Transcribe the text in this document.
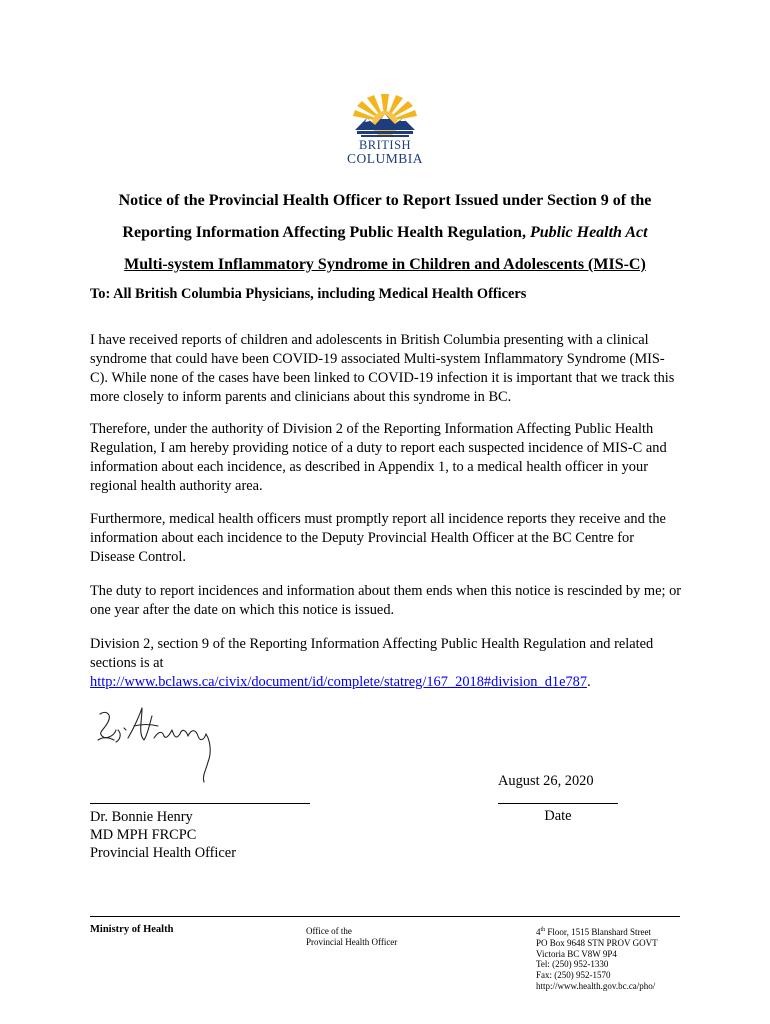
BRITISH
COLUMBIA
Notice of the Provincial Health Officer to Report Issued under Section 9 of the
Reporting Information Affecting Public Health Regulation, Public Health Act
Multi-system Inflammatory Syndrome in Children and Adolescents (MIS-C)
To: All British Columbia Physicians, including Medical Health Officers

I have received reports of children and adolescents in British Columbia presenting with a clinical syndrome that could have been COVID-19 associated Multi-system Inflammatory Syndrome (MIS-C). While none of the cases have been linked to COVID-19 infection it is important that we track this more closely to inform parents and clinicians about this syndrome in BC.

Therefore, under the authority of Division 2 of the Reporting Information Affecting Public Health Regulation, I am hereby providing notice of a duty to report each suspected incidence of MIS-C and information about each incidence, as described in Appendix 1, to a medical health officer in your regional health authority area.

Furthermore, medical health officers must promptly report all incidence reports they receive and the information about each incidence to the Deputy Provincial Health Officer at the BC Centre for Disease Control.

The duty to report incidences and information about them ends when this notice is rescinded by me; or one year after the date on which this notice is issued.

Division 2, section 9 of the Reporting Information Affecting Public Health Regulation and related sections is at
http://www.bclaws.ca/civix/document/id/complete/statreg/167_2018#division_d1e787.

August 26, 2020
Date
Dr. Bonnie Henry
MD MPH FRCPC
Provincial Health Officer
Ministry of Health	Office of the
Provincial Health Officer
4th Floor, 1515 Blanshard Street
PO Box 9648 STN PROV GOVT
Victoria BC V8W 9P4
Tel: (250) 952-1330
Fax: (250) 952-1570
http://www.health.gov.bc.ca/pho/
